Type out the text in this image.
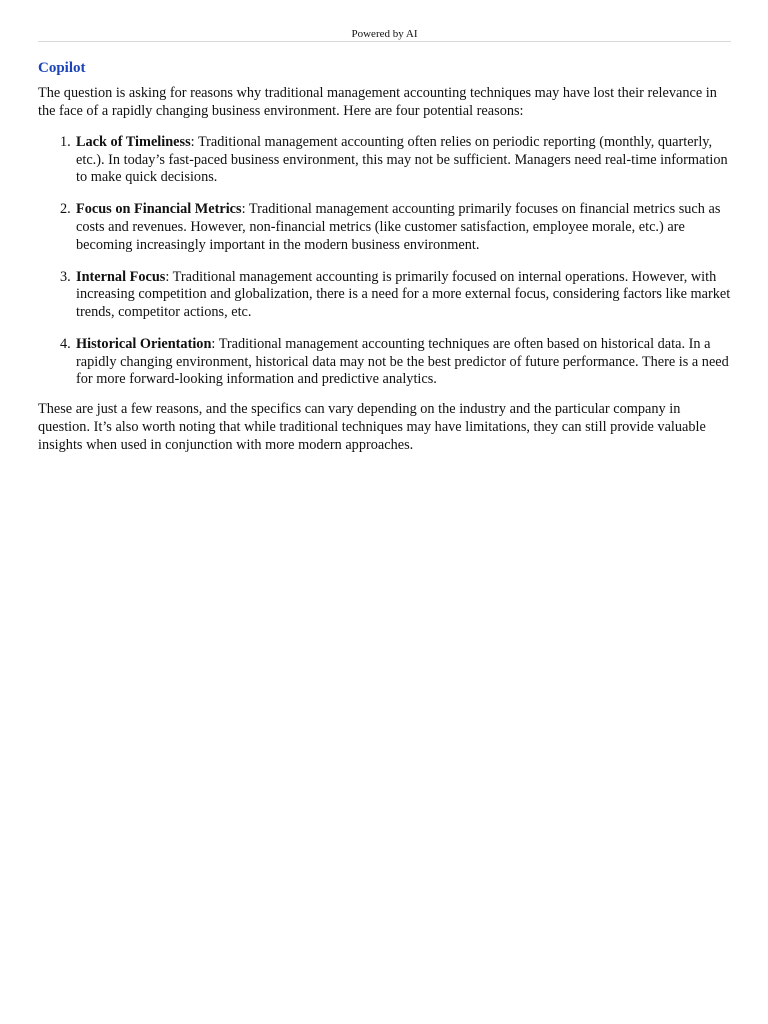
Powered by AI
Copilot

The question is asking for reasons why traditional management accounting techniques may have lost their relevance in the face of a rapidly changing business environment. Here are four potential reasons:

1. Lack of Timeliness: Traditional management accounting often relies on periodic reporting (monthly, quarterly, etc.). In today’s fast-paced business environment, this may not be sufficient. Managers need real-time information to make quick decisions.
2. Focus on Financial Metrics: Traditional management accounting primarily focuses on financial metrics such as costs and revenues. However, non-financial metrics (like customer satisfaction, employee morale, etc.) are becoming increasingly important in the modern business environment.
3. Internal Focus: Traditional management accounting is primarily focused on internal operations. However, with increasing competition and globalization, there is a need for a more external focus, considering factors like market trends, competitor actions, etc.
4. Historical Orientation: Traditional management accounting techniques are often based on historical data. In a rapidly changing environment, historical data may not be the best predictor of future performance. There is a need for more forward-looking information and predictive analytics.

These are just a few reasons, and the specifics can vary depending on the industry and the particular company in question. It’s also worth noting that while traditional techniques may have limitations, they can still provide valuable insights when used in conjunction with more modern approaches.
